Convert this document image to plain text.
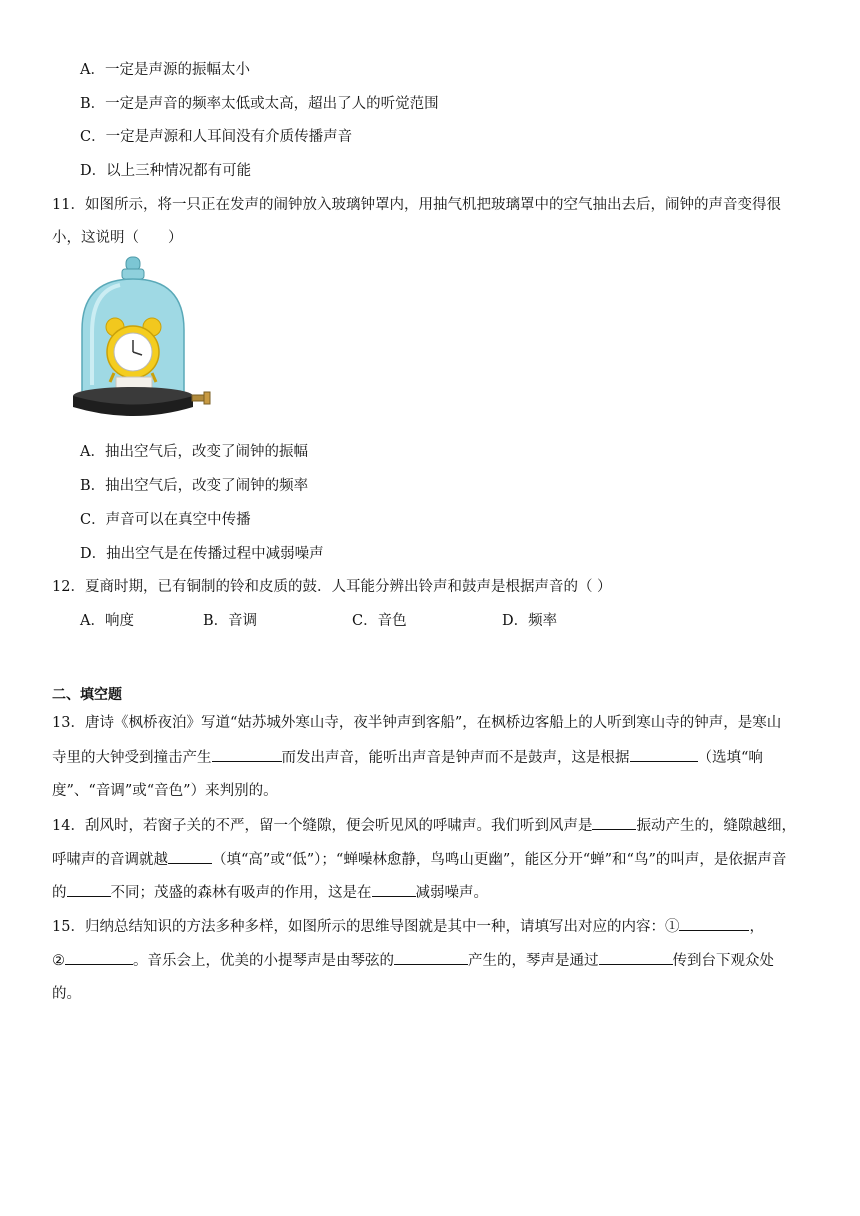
A．一定是声源的振幅太小
B．一定是声音的频率太低或太高，超出了人的听觉范围
C．一定是声源和人耳间没有介质传播声音
D．以上三种情况都有可能
11．如图所示，将一只正在发声的闹钟放入玻璃钟罩内，用抽气机把玻璃罩中的空气抽出去后，闹钟的声音变得很
小，这说明（　　）
A．抽出空气后，改变了闹钟的振幅
B．抽出空气后，改变了闹钟的频率
C．声音可以在真空中传播
D．抽出空气是在传播过程中减弱噪声
12．夏商时期，已有铜制的铃和皮质的鼓．人耳能分辨出铃声和鼓声是根据声音的（ ）
A．响度	B．音调	C．音色	D．频率
二、填空题
13．唐诗《枫桥夜泊》写道“姑苏城外寒山寺，夜半钟声到客船”，在枫桥边客船上的人听到寒山寺的钟声，是寒山
寺里的大钟受到撞击产生	而发出声音，能听出声音是钟声而不是鼓声，这是根据	（选填“响
度”、“音调”或“音色”）来判别的。
14．刮风时，若窗子关的不严，留一个缝隙，便会听见风的呼啸声。我们听到风声是	振动产生的，缝隙越细，
呼啸声的音调就越	（填“高”或“低”）；“蝉噪林愈静，鸟鸣山更幽”，能区分开“蝉”和“鸟”的叫声，是依据声音
的	不同；茂盛的森林有吸声的作用，这是在	减弱噪声。
15．归纳总结知识的方法多种多样，如图所示的思维导图就是其中一种，请填写出对应的内容：①	，
②	。音乐会上，优美的小提琴声是由琴弦的	产生的，琴声是通过	传到台下观众处
的。
